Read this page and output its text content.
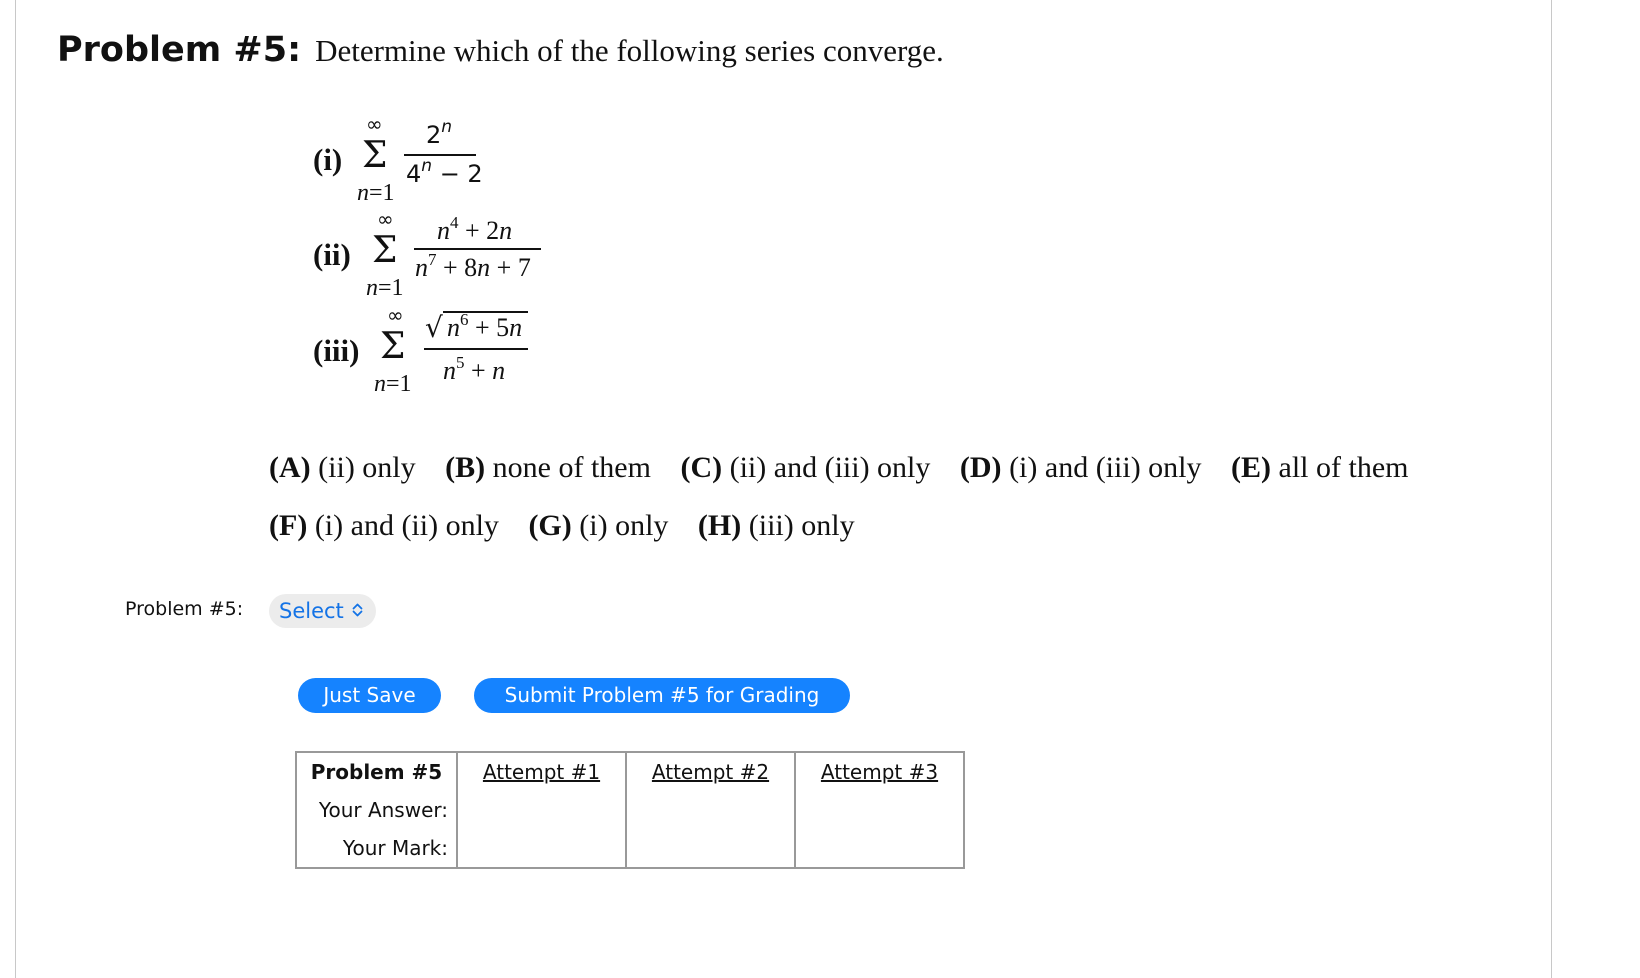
Problem #5: Determine which of the following series converge.
(i)
∞
Σ
n=1
2$^n$
$4^n - 2$
(ii)
∞
Σ
n=1
$n^4 + 2n$
$n^7 + 8n + 7$
(iii)
∞
Σ
n=1
√ $n^6 + 5n$
$n^5 + n$
(A) (ii) only (B) none of them (C) (ii) and (iii) only (D) (i) and (iii) only (E) all of them
(F) (i) and (ii) only (G) (i) only (H) (iii) only
Problem #5:	Select
Just Save	Submit Problem #5 for Grading
Problem #5	Attempt #1	Attempt #2	Attempt #3

Your Answer:			
Your Mark:			
